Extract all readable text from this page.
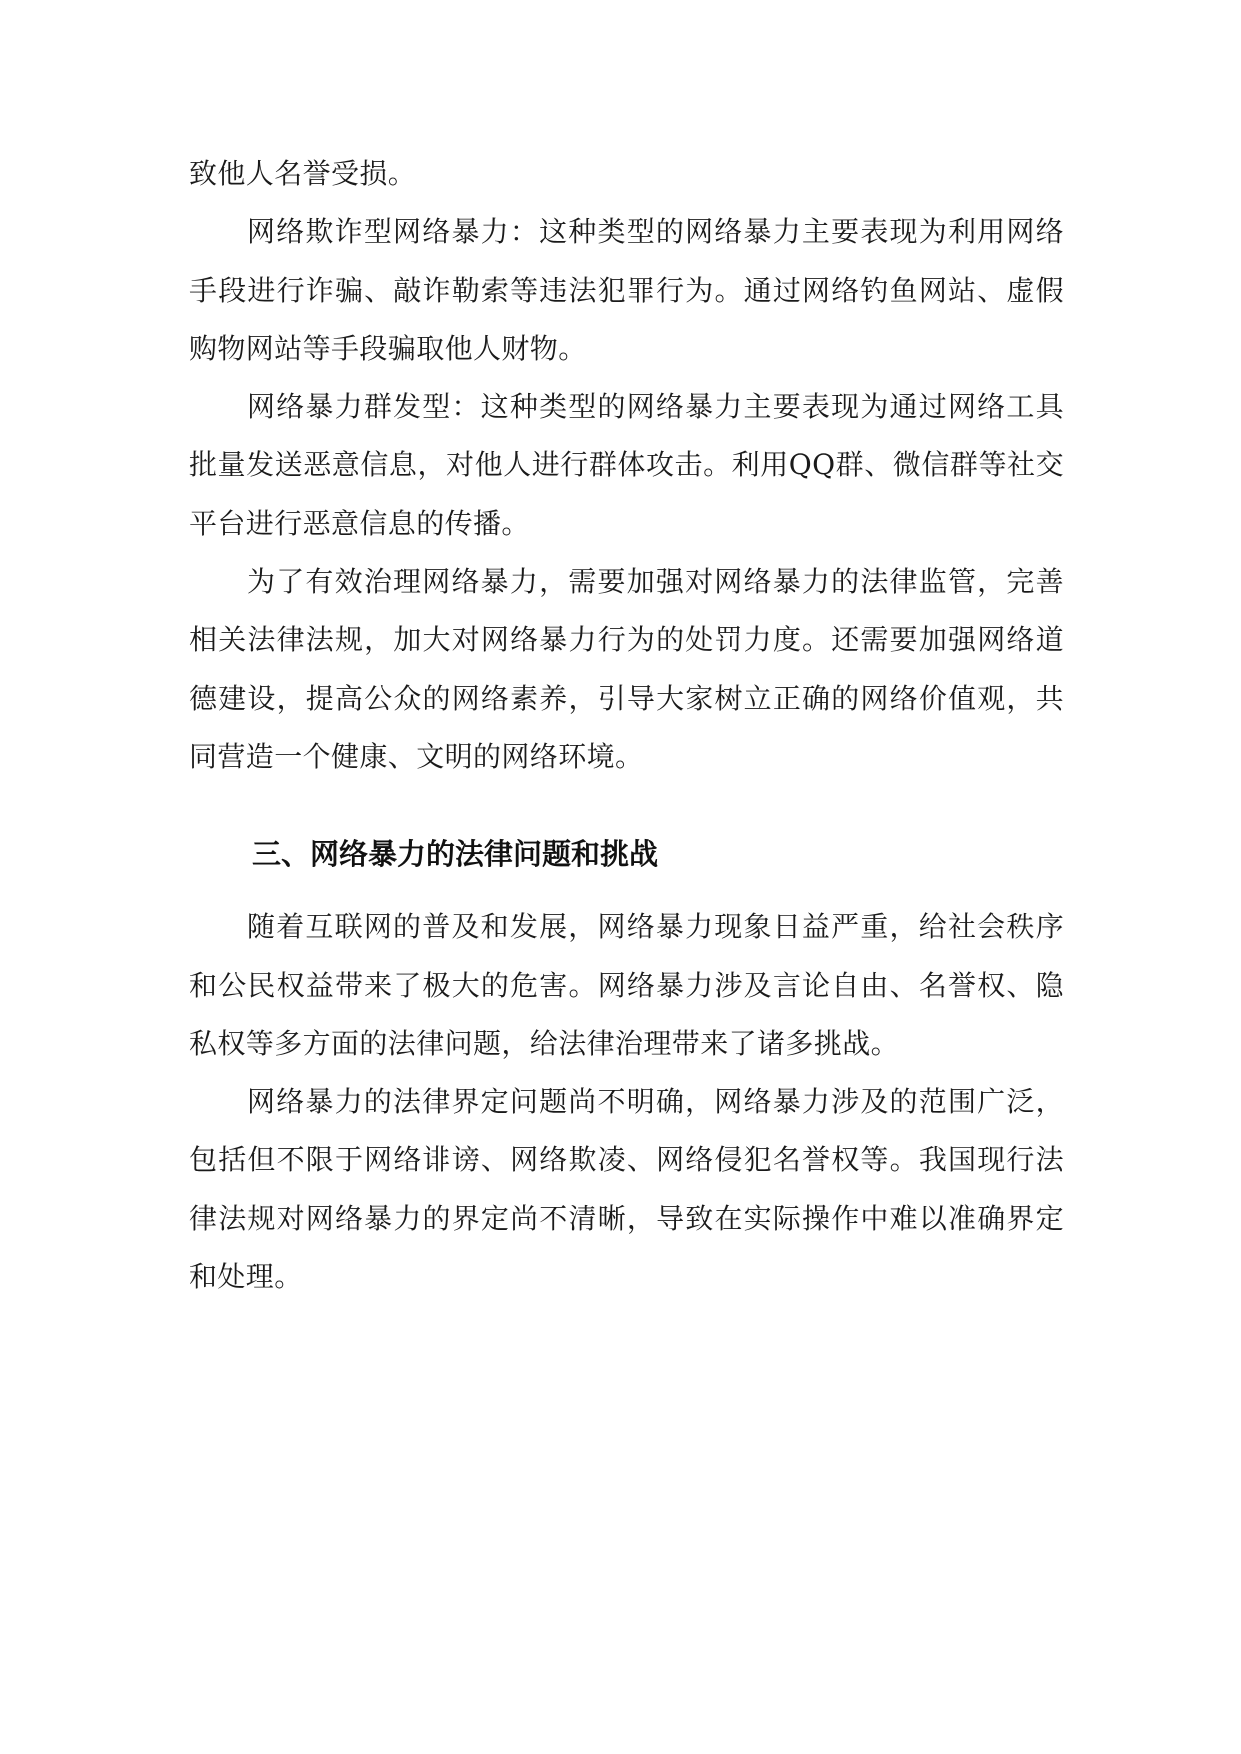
致他人名誉受损。

网络欺诈型网络暴力：这种类型的网络暴力主要表现为利用网络手段进行诈骗、敲诈勒索等违法犯罪行为。通过网络钓鱼网站、虚假购物网站等手段骗取他人财物。

网络暴力群发型：这种类型的网络暴力主要表现为通过网络工具批量发送恶意信息，对他人进行群体攻击。利用QQ群、微信群等社交平台进行恶意信息的传播。

为了有效治理网络暴力，需要加强对网络暴力的法律监管，完善相关法律法规，加大对网络暴力行为的处罚力度。还需要加强网络道德建设，提高公众的网络素养，引导大家树立正确的网络价值观，共同营造一个健康、文明的网络环境。

三、网络暴力的法律问题和挑战

随着互联网的普及和发展，网络暴力现象日益严重，给社会秩序和公民权益带来了极大的危害。网络暴力涉及言论自由、名誉权、隐私权等多方面的法律问题，给法律治理带来了诸多挑战。

网络暴力的法律界定问题尚不明确，网络暴力涉及的范围广泛，包括但不限于网络诽谤、网络欺凌、网络侵犯名誉权等。我国现行法律法规对网络暴力的界定尚不清晰，导致在实际操作中难以准确界定和处理。
